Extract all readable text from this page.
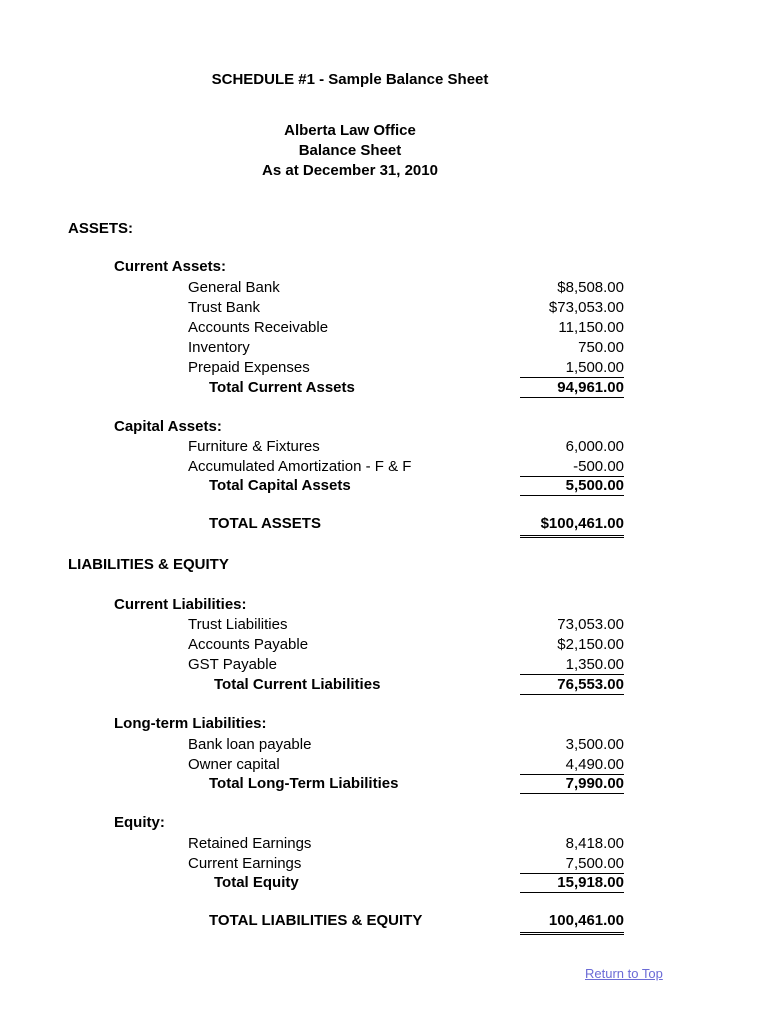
SCHEDULE #1 - Sample Balance Sheet
Alberta Law Office
Balance Sheet
As at December 31, 2010
ASSETS:
Current Assets:
General Bank	$8,508.00
Trust Bank	$73,053.00
Accounts Receivable	11,150.00
Inventory	750.00
Prepaid Expenses	1,500.00
Total Current Assets	94,961.00
Capital Assets:
Furniture & Fixtures	6,000.00
Accumulated Amortization - F & F	-500.00
Total Capital Assets	5,500.00
TOTAL ASSETS	$100,461.00
LIABILITIES & EQUITY
Current Liabilities:
Trust Liabilities	73,053.00
Accounts Payable	$2,150.00
GST Payable	1,350.00
Total Current Liabilities	76,553.00
Long-term Liabilities:
Bank loan payable	3,500.00
Owner capital	4,490.00
Total Long-Term Liabilities	7,990.00
Equity:
Retained Earnings	8,418.00
Current Earnings	7,500.00
Total Equity	15,918.00
TOTAL LIABILITIES & EQUITY	100,461.00
Return to Top
